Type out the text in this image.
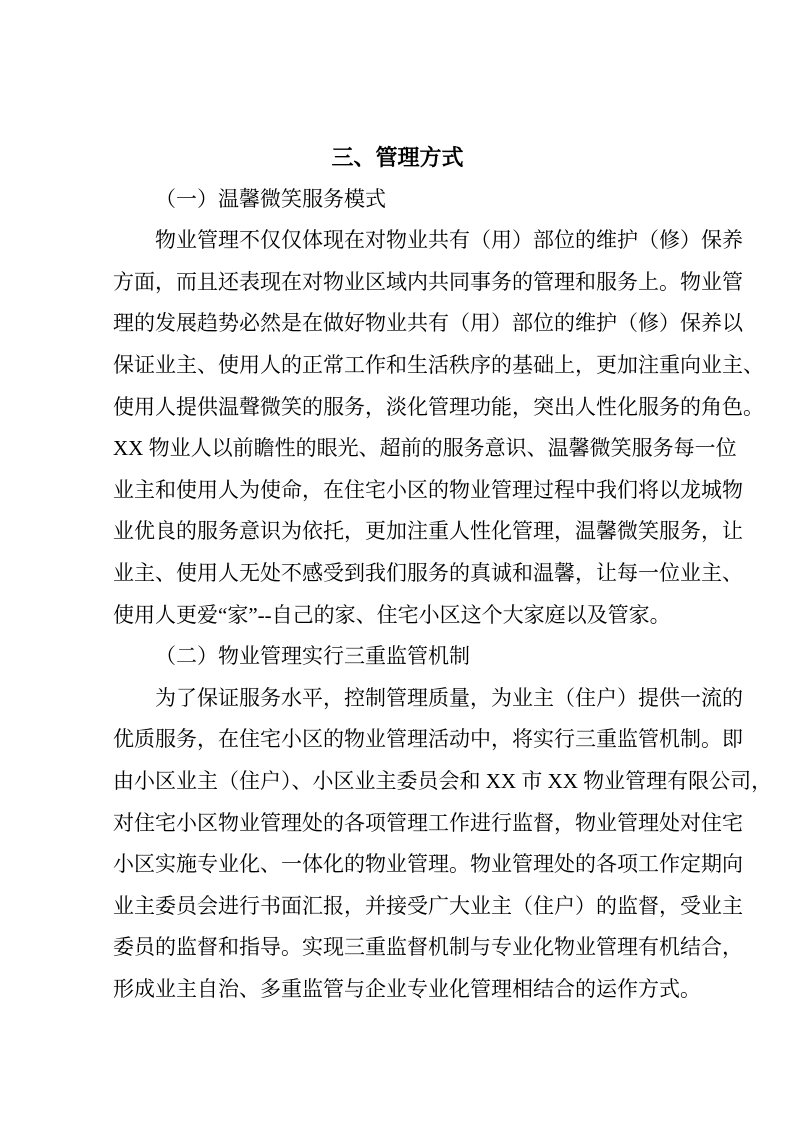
三、管理方式
（一）温馨微笑服务模式
物业管理不仅仅体现在对物业共有（用）部位的维护（修）保养
方面，而且还表现在对物业区域内共同事务的管理和服务上。物业管
理的发展趋势必然是在做好物业共有（用）部位的维护（修）保养以
保证业主、使用人的正常工作和生活秩序的基础上，更加注重向业主、
使用人提供温聲微笑的服务，淡化管理功能，突出人性化服务的角色。
XX 物业人以前瞻性的眼光、超前的服务意识、温馨微笑服务每一位
业主和使用人为使命，在住宅小区的物业管理过程中我们将以龙城物
业优良的服务意识为依托，更加注重人性化管理，温馨微笑服务，让
业主、使用人无处不感受到我们服务的真诚和温馨，让每一位业主、
使用人更爱“家”--自己的家、住宅小区这个大家庭以及管家。
（二）物业管理实行三重监管机制
为了保证服务水平，控制管理质量，为业主（住户）提供一流的
优质服务，在住宅小区的物业管理活动中，将实行三重监管机制。即
由小区业主（住户）、小区业主委员会和 XX 市 XX 物业管理有限公司，
对住宅小区物业管理处的各项管理工作进行监督，物业管理处对住宅
小区实施专业化、一体化的物业管理。物业管理处的各项工作定期向
业主委员会进行书面汇报，并接受广大业主（住户）的监督，受业主
委员的监督和指导。实现三重监督机制与专业化物业管理有机结合，
形成业主自治、多重监管与企业专业化管理相结合的运作方式。
